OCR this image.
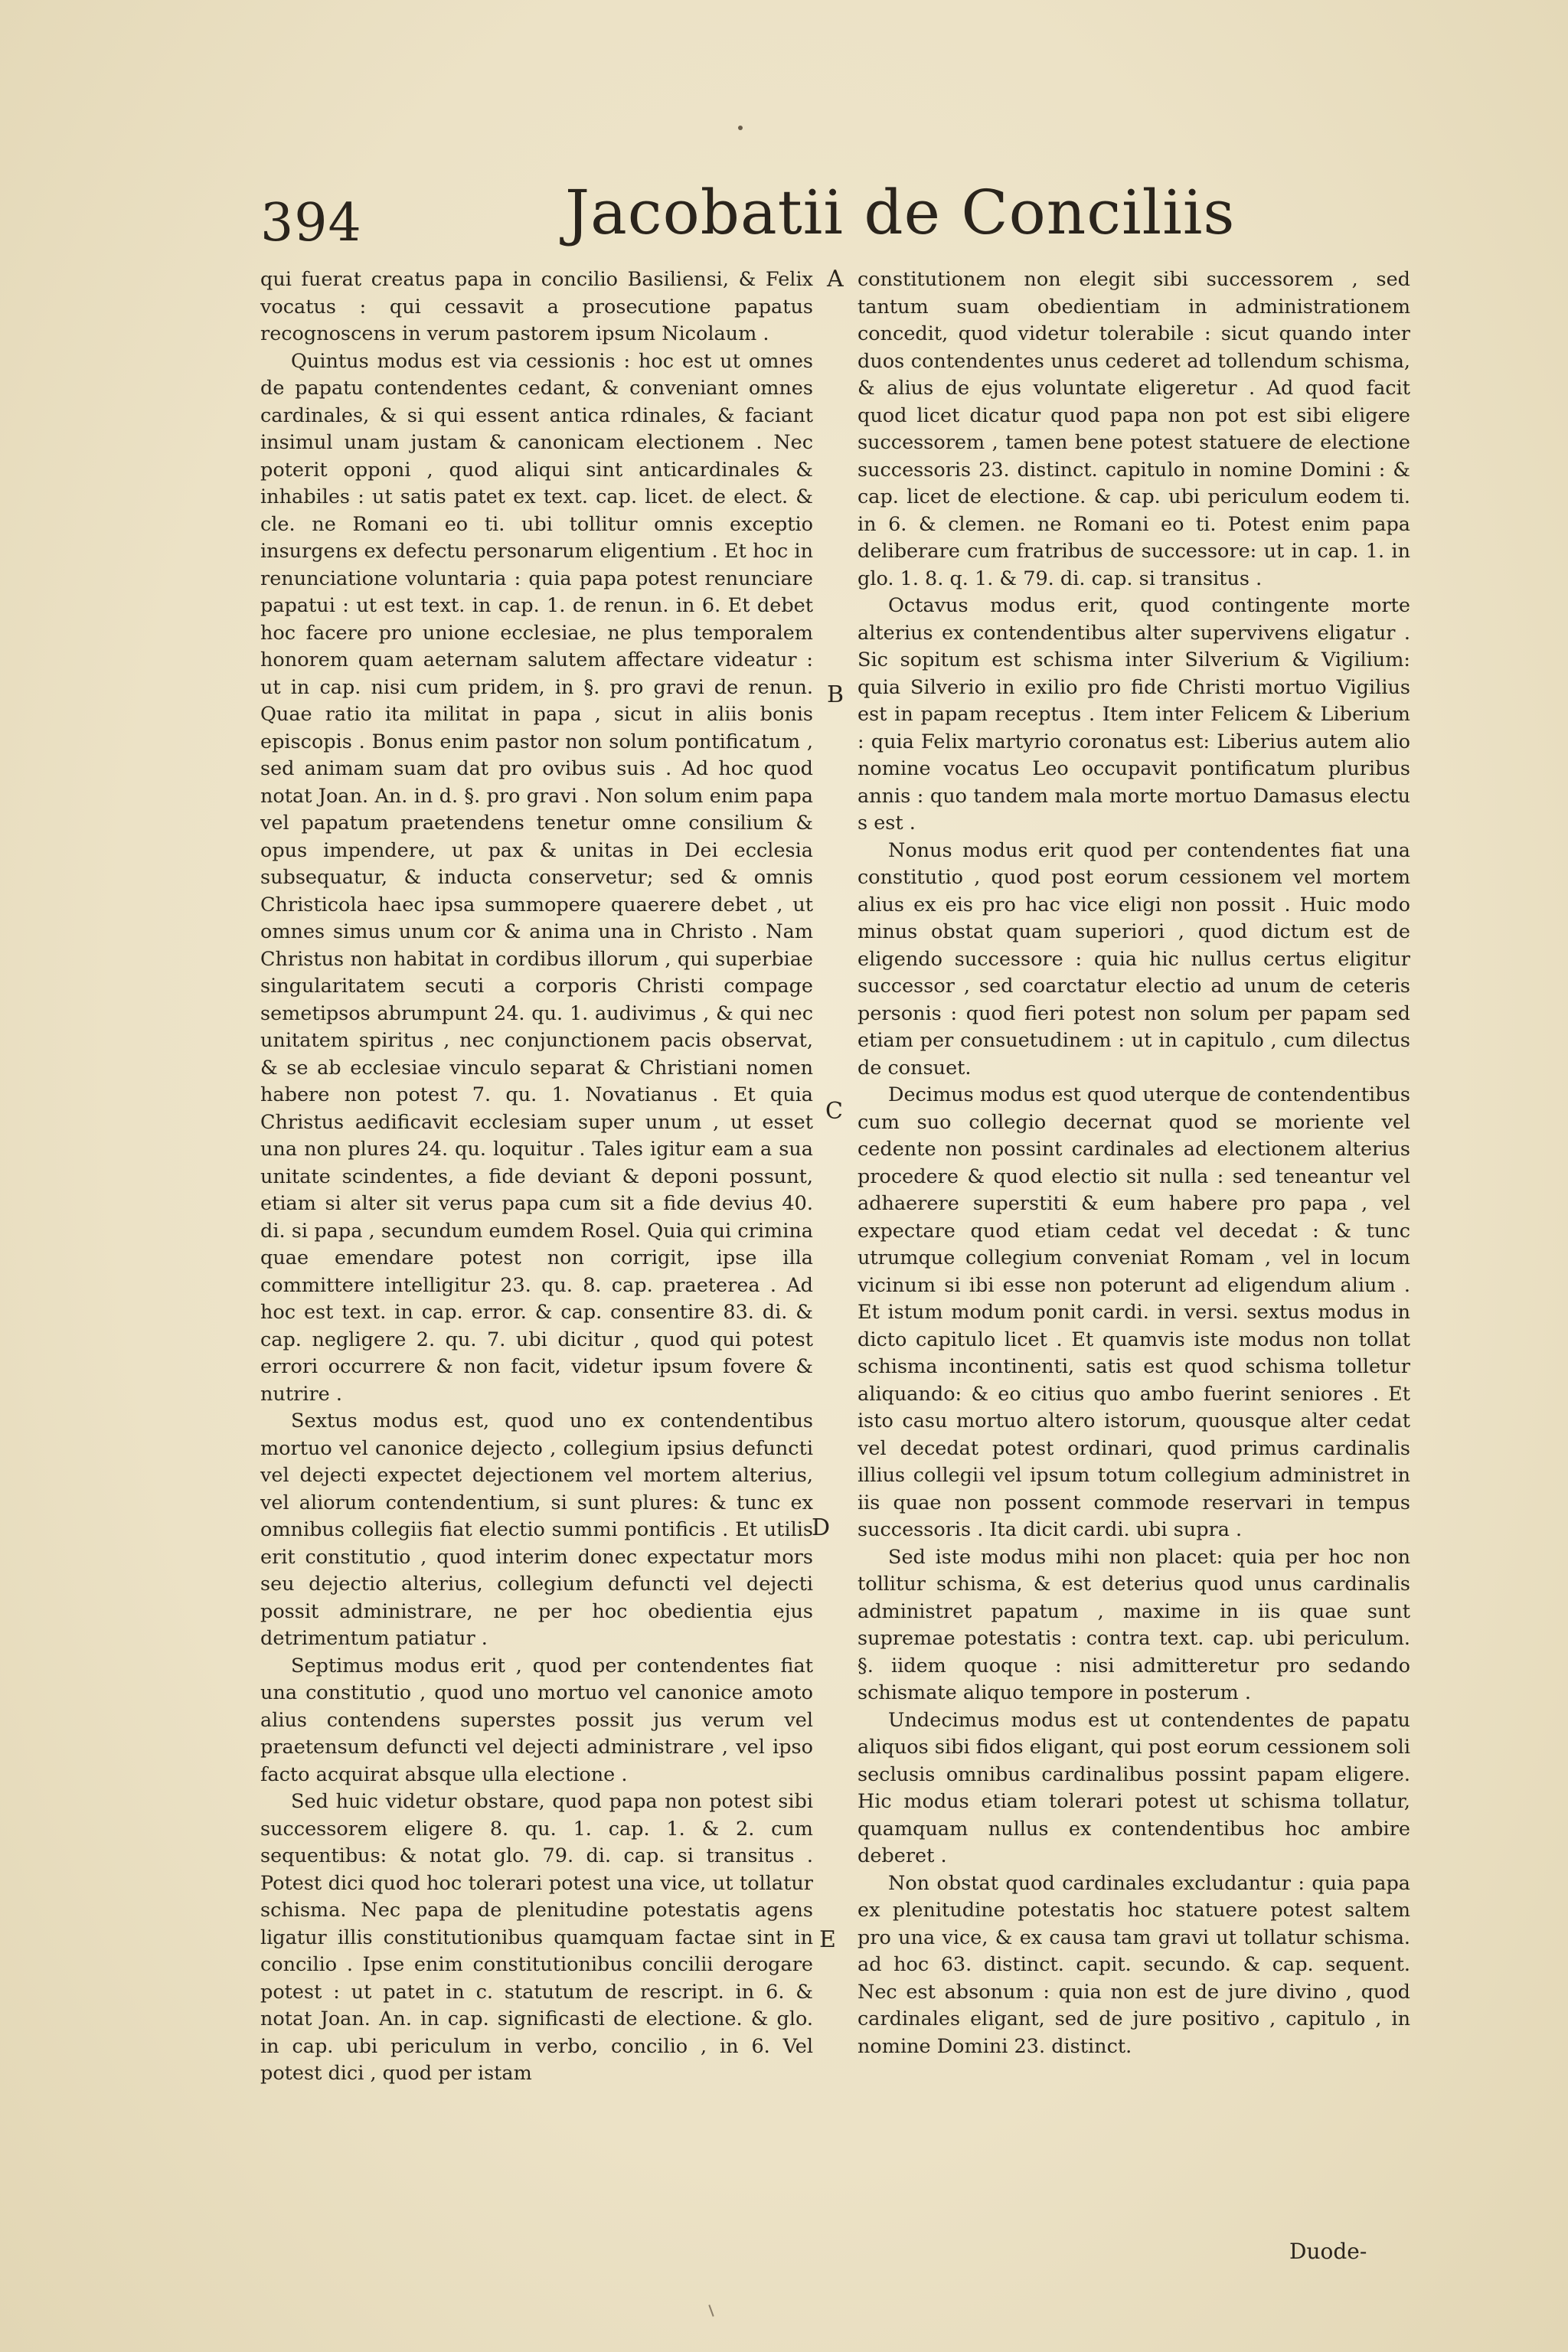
394	Jacobatii de Conciliis
A
B
C
D
E

qui fuerat creatus papa in concilio Basiliensi, & Felix vocatus : qui cessavit a prosecutione papatus recognoscens in verum pastorem ipsum Nicolaum .

Quintus modus est via cessionis : hoc est ut omnes de papatu contendentes cedant, & conveniant omnes cardinales, & si qui essent antica rdinales, & faciant insimul unam justam & canonicam electionem . Nec poterit opponi , quod aliqui sint anticardinales & inhabiles : ut satis patet ex text. cap. licet. de elect. & cle. ne Romani eo ti. ubi tollitur omnis exceptio insurgens ex defectu personarum eligentium . Et hoc in renunciatione voluntaria : quia papa potest renunciare papatui : ut est text. in cap. 1. de renun. in 6. Et debet hoc facere pro unione ecclesiae, ne plus temporalem honorem quam aeternam salutem affectare videatur : ut in cap. nisi cum pridem, in §. pro gravi de renun. Quae ratio ita militat in papa , sicut in aliis bonis episcopis . Bonus enim pastor non solum pontificatum , sed animam suam dat pro ovibus suis . Ad hoc quod notat Joan. An. in d. §. pro gravi . Non solum enim papa vel papatum praetendens tenetur omne consilium & opus impendere, ut pax & unitas in Dei ecclesia subsequatur, & inducta conservetur; sed & omnis Christicola haec ipsa summopere quaerere debet , ut omnes simus unum cor & anima una in Christo . Nam Christus non habitat in cordibus illorum , qui superbiae singularitatem secuti a corporis Christi compage semetipsos abrumpunt 24. qu. 1. audivimus , & qui nec unitatem spiritus , nec conjunctionem pacis observat, & se ab ecclesiae vinculo separat & Christiani nomen habere non potest 7. qu. 1. Novatianus . Et quia Christus aedificavit ecclesiam super unum , ut esset una non plures 24. qu. loquitur . Tales igitur eam a sua unitate scindentes, a fide deviant & deponi possunt, etiam si alter sit verus papa cum sit a fide devius 40. di. si papa , secundum eumdem Rosel. Quia qui crimina quae emendare potest non corrigit, ipse illa committere intelligitur 23. qu. 8. cap. praeterea . Ad hoc est text. in cap. error. & cap. consentire 83. di. & cap. negligere 2. qu. 7. ubi dicitur , quod qui potest errori occurrere & non facit, videtur ipsum fovere & nutrire .

Sextus modus est, quod uno ex contendentibus mortuo vel canonice dejecto , collegium ipsius defuncti vel dejecti expectet dejectionem vel mortem alterius, vel aliorum contendentium, si sunt plures: & tunc ex omnibus collegiis fiat electio summi pontificis . Et utilis erit constitutio , quod interim donec expectatur mors seu dejectio alterius, collegium defuncti vel dejecti possit administrare, ne per hoc obedientia ejus detrimentum patiatur .

Septimus modus erit , quod per contendentes fiat una constitutio , quod uno mortuo vel canonice amoto alius contendens superstes possit jus verum vel praetensum defuncti vel dejecti administrare , vel ipso facto acquirat absque ulla electione .

Sed huic videtur obstare, quod papa non potest sibi successorem eligere 8. qu. 1. cap. 1. & 2. cum sequentibus: & notat glo. 79. di. cap. si transitus . Potest dici quod hoc tolerari potest una vice, ut tollatur schisma. Nec papa de plenitudine potestatis agens ligatur illis constitutionibus quamquam factae sint in concilio . Ipse enim constitutionibus concilii derogare potest : ut patet in c. statutum de rescript. in 6. & notat Joan. An. in cap. significasti de electione. & glo. in cap. ubi periculum in verbo, concilio , in 6. Vel potest dici , quod per istam

constitutionem non elegit sibi successorem , sed tantum suam obedientiam in administrationem concedit, quod videtur tolerabile : sicut quando inter duos contendentes unus cederet ad tollendum schisma, & alius de ejus voluntate eligeretur . Ad quod facit quod licet dicatur quod papa non pot est sibi eligere successorem , tamen bene potest statuere de electione successoris 23. distinct. capitulo in nomine Domini : & cap. licet de electione. & cap. ubi periculum eodem ti. in 6. & clemen. ne Romani eo ti. Potest enim papa deliberare cum fratribus de successore: ut in cap. 1. in glo. 1. 8. q. 1. & 79. di. cap. si transitus .

Octavus modus erit, quod contingente morte alterius ex contendentibus alter supervivens eligatur . Sic sopitum est schisma inter Silverium & Vigilium: quia Silverio in exilio pro fide Christi mortuo Vigilius est in papam receptus . Item inter Felicem & Liberium : quia Felix martyrio coronatus est: Liberius autem alio nomine vocatus Leo occupavit pontificatum pluribus annis : quo tandem mala morte mortuo Damasus electu s est .

Nonus modus erit quod per contendentes fiat una constitutio , quod post eorum cessionem vel mortem alius ex eis pro hac vice eligi non possit . Huic modo minus obstat quam superiori , quod dictum est de eligendo successore : quia hic nullus certus eligitur successor , sed coarctatur electio ad unum de ceteris personis : quod fieri potest non solum per papam sed etiam per consuetudinem : ut in capitulo , cum dilectus de consuet.

Decimus modus est quod uterque de contendentibus cum suo collegio decernat quod se moriente vel cedente non possint cardinales ad electionem alterius procedere & quod electio sit nulla : sed teneantur vel adhaerere superstiti & eum habere pro papa , vel expectare quod etiam cedat vel decedat : & tunc utrumque collegium conveniat Romam , vel in locum vicinum si ibi esse non poterunt ad eligendum alium . Et istum modum ponit cardi. in versi. sextus modus in dicto capitulo licet . Et quamvis iste modus non tollat schisma incontinenti, satis est quod schisma tolletur aliquando: & eo citius quo ambo fuerint seniores . Et isto casu mortuo altero istorum, quousque alter cedat vel decedat potest ordinari, quod primus cardinalis illius collegii vel ipsum totum collegium administret in iis quae non possent commode reservari in tempus successoris . Ita dicit cardi. ubi supra .

Sed iste modus mihi non placet: quia per hoc non tollitur schisma, & est deterius quod unus cardinalis administret papatum , maxime in iis quae sunt supremae potestatis : contra text. cap. ubi periculum. §. iidem quoque : nisi admitteretur pro sedando schismate aliquo tempore in posterum .

Undecimus modus est ut contendentes de papatu aliquos sibi fidos eligant, qui post eorum cessionem soli seclusis omnibus cardinalibus possint papam eligere. Hic modus etiam tolerari potest ut schisma tollatur, quamquam nullus ex contendentibus hoc ambire deberet .

Non obstat quod cardinales excludantur : quia papa ex plenitudine potestatis hoc statuere potest saltem pro una vice, & ex causa tam gravi ut tollatur schisma. ad hoc 63. distinct. capit. secundo. & cap. sequent. Nec est absonum : quia non est de jure divino , quod cardinales eligant, sed de jure positivo , capitulo , in nomine Domini 23. distinct.

Duode-
